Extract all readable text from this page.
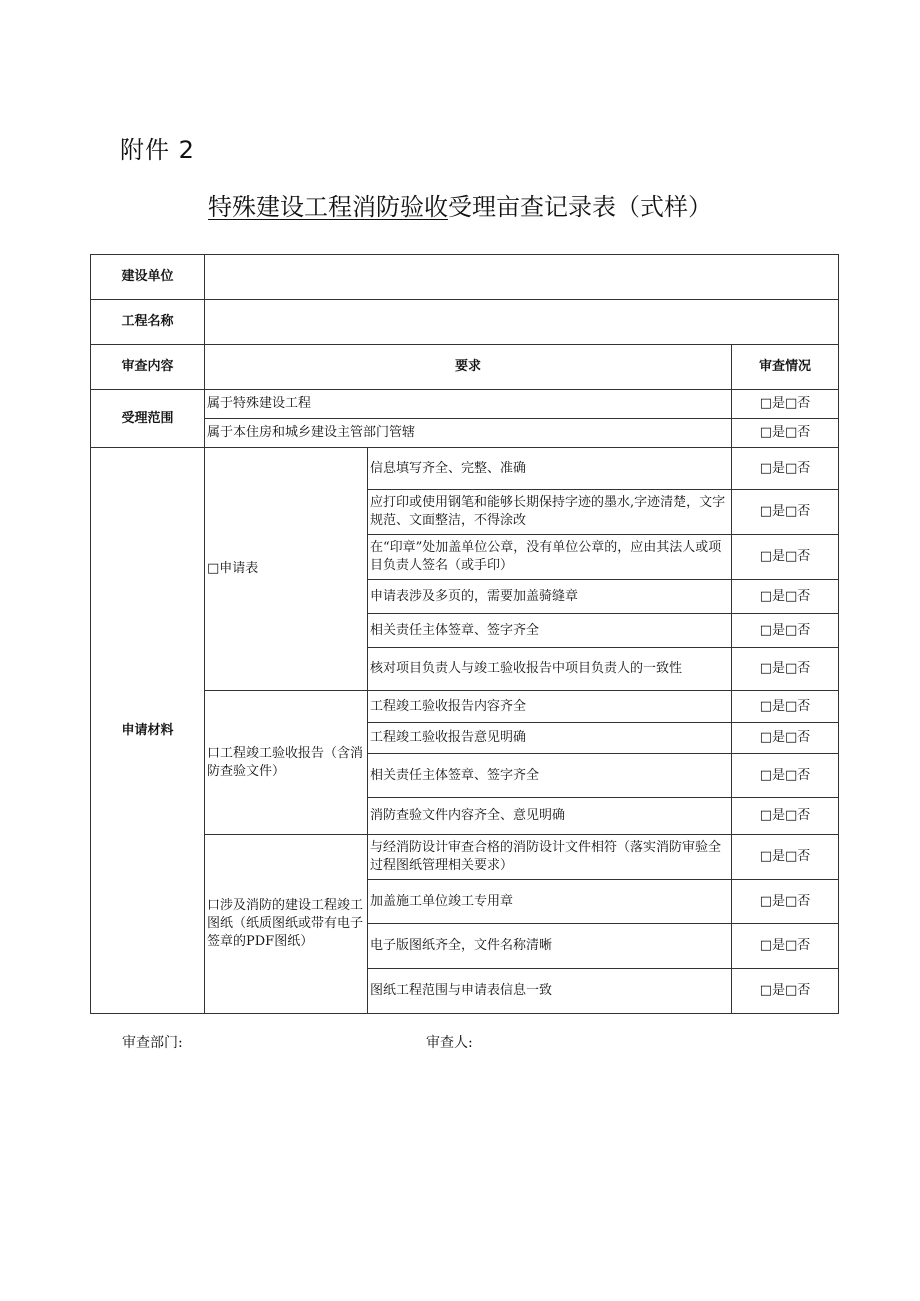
附件 2
特殊建设工程消防验收受理亩查记录表（式样）
建设单位			
工程名称			
审查内容	要求		审查情况
受理范围	属于特殊建设工程		□是□否
	属于本住房和城乡建设主管部门管辖		□是□否
申请材料	□申请表	信息填写齐全、完整、准确	□是□否
		应打印或使用钢笔和能够长期保持字迹的墨水,字迹清楚，文字规范、文面整洁，不得涂改	□是□否
		在“印章”处加盖单位公章，没有单位公章的，应由其法人或项目负责人签名（或手印）	□是□否
		申请表涉及多页的，需要加盖骑缝章	□是□否
		相关责任主体签章、签字齐全	□是□否
		核对项目负责人与竣工验收报告中项目负责人的一致性	□是□否
	口工程竣工验收报告（含消防查验文件）	工程竣工验收报告内容齐全	□是□否
		工程竣工验收报告意见明确	□是□否
		相关责任主体签章、签字齐全	□是□否
		消防查验文件内容齐全、意见明确	□是□否
	口涉及消防的建设工程竣工图纸（纸质图纸或带有电子签章的PDF图纸）	与经消防设计审查合格的消防设计文件相符（落实消防审验全过程图纸管理相关要求）	□是□否
		加盖施工单位竣工专用章	□是□否
		电子版图纸齐全，文件名称清晰	□是□否
		图纸工程范围与申请表信息一致	□是□否
审查部门:	审查人:
